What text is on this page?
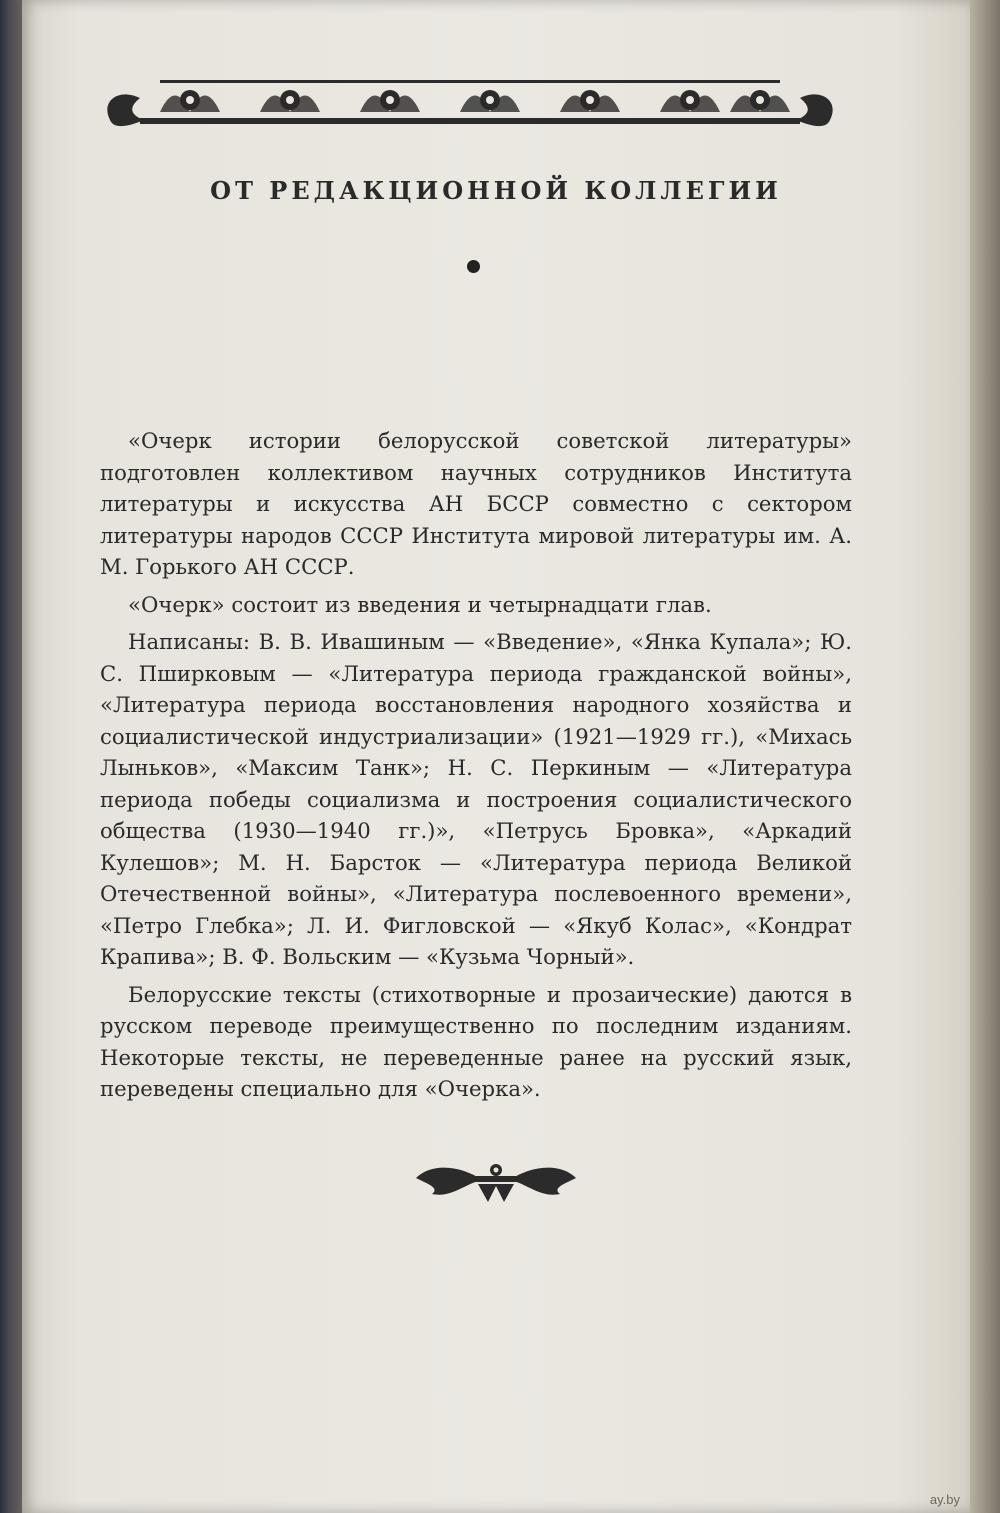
ОТ РЕДАКЦИОННОЙ КОЛЛЕГИИ

«Очерк истории белорусской советской литературы» подготовлен коллективом научных сотрудников Института литературы и искусства АН БССР совместно с сектором литературы народов СССР Института мировой литературы им. А. М. Горького АН СССР.

«Очерк» состоит из введения и четырнадцати глав.

Написаны: В. В. Ивашиным — «Введение», «Янка Купала»; Ю. С. Пширковым — «Литература периода гражданской войны», «Литература периода восстановления народного хозяйства и социалистической индустриализации» (1921—1929 гг.), «Михась Лыньков», «Максим Танк»; Н. С. Перкиным — «Литература периода победы социализма и построения социалистического общества (1930—1940 гг.)», «Петрусь Бровка», «Аркадий Кулешов»; М. Н. Барсток — «Литература периода Великой Отечественной войны», «Литература послевоенного времени», «Петро Глебка»; Л. И. Фигловской — «Якуб Колас», «Кондрат Крапива»; В. Ф. Вольским — «Кузьма Чорный».

Белорусские тексты (стихотворные и прозаические) даются в русском переводе преимущественно по последним изданиям. Некоторые тексты, не переведенные ранее на русский язык, переведены специально для «Очерка».

ay.by
